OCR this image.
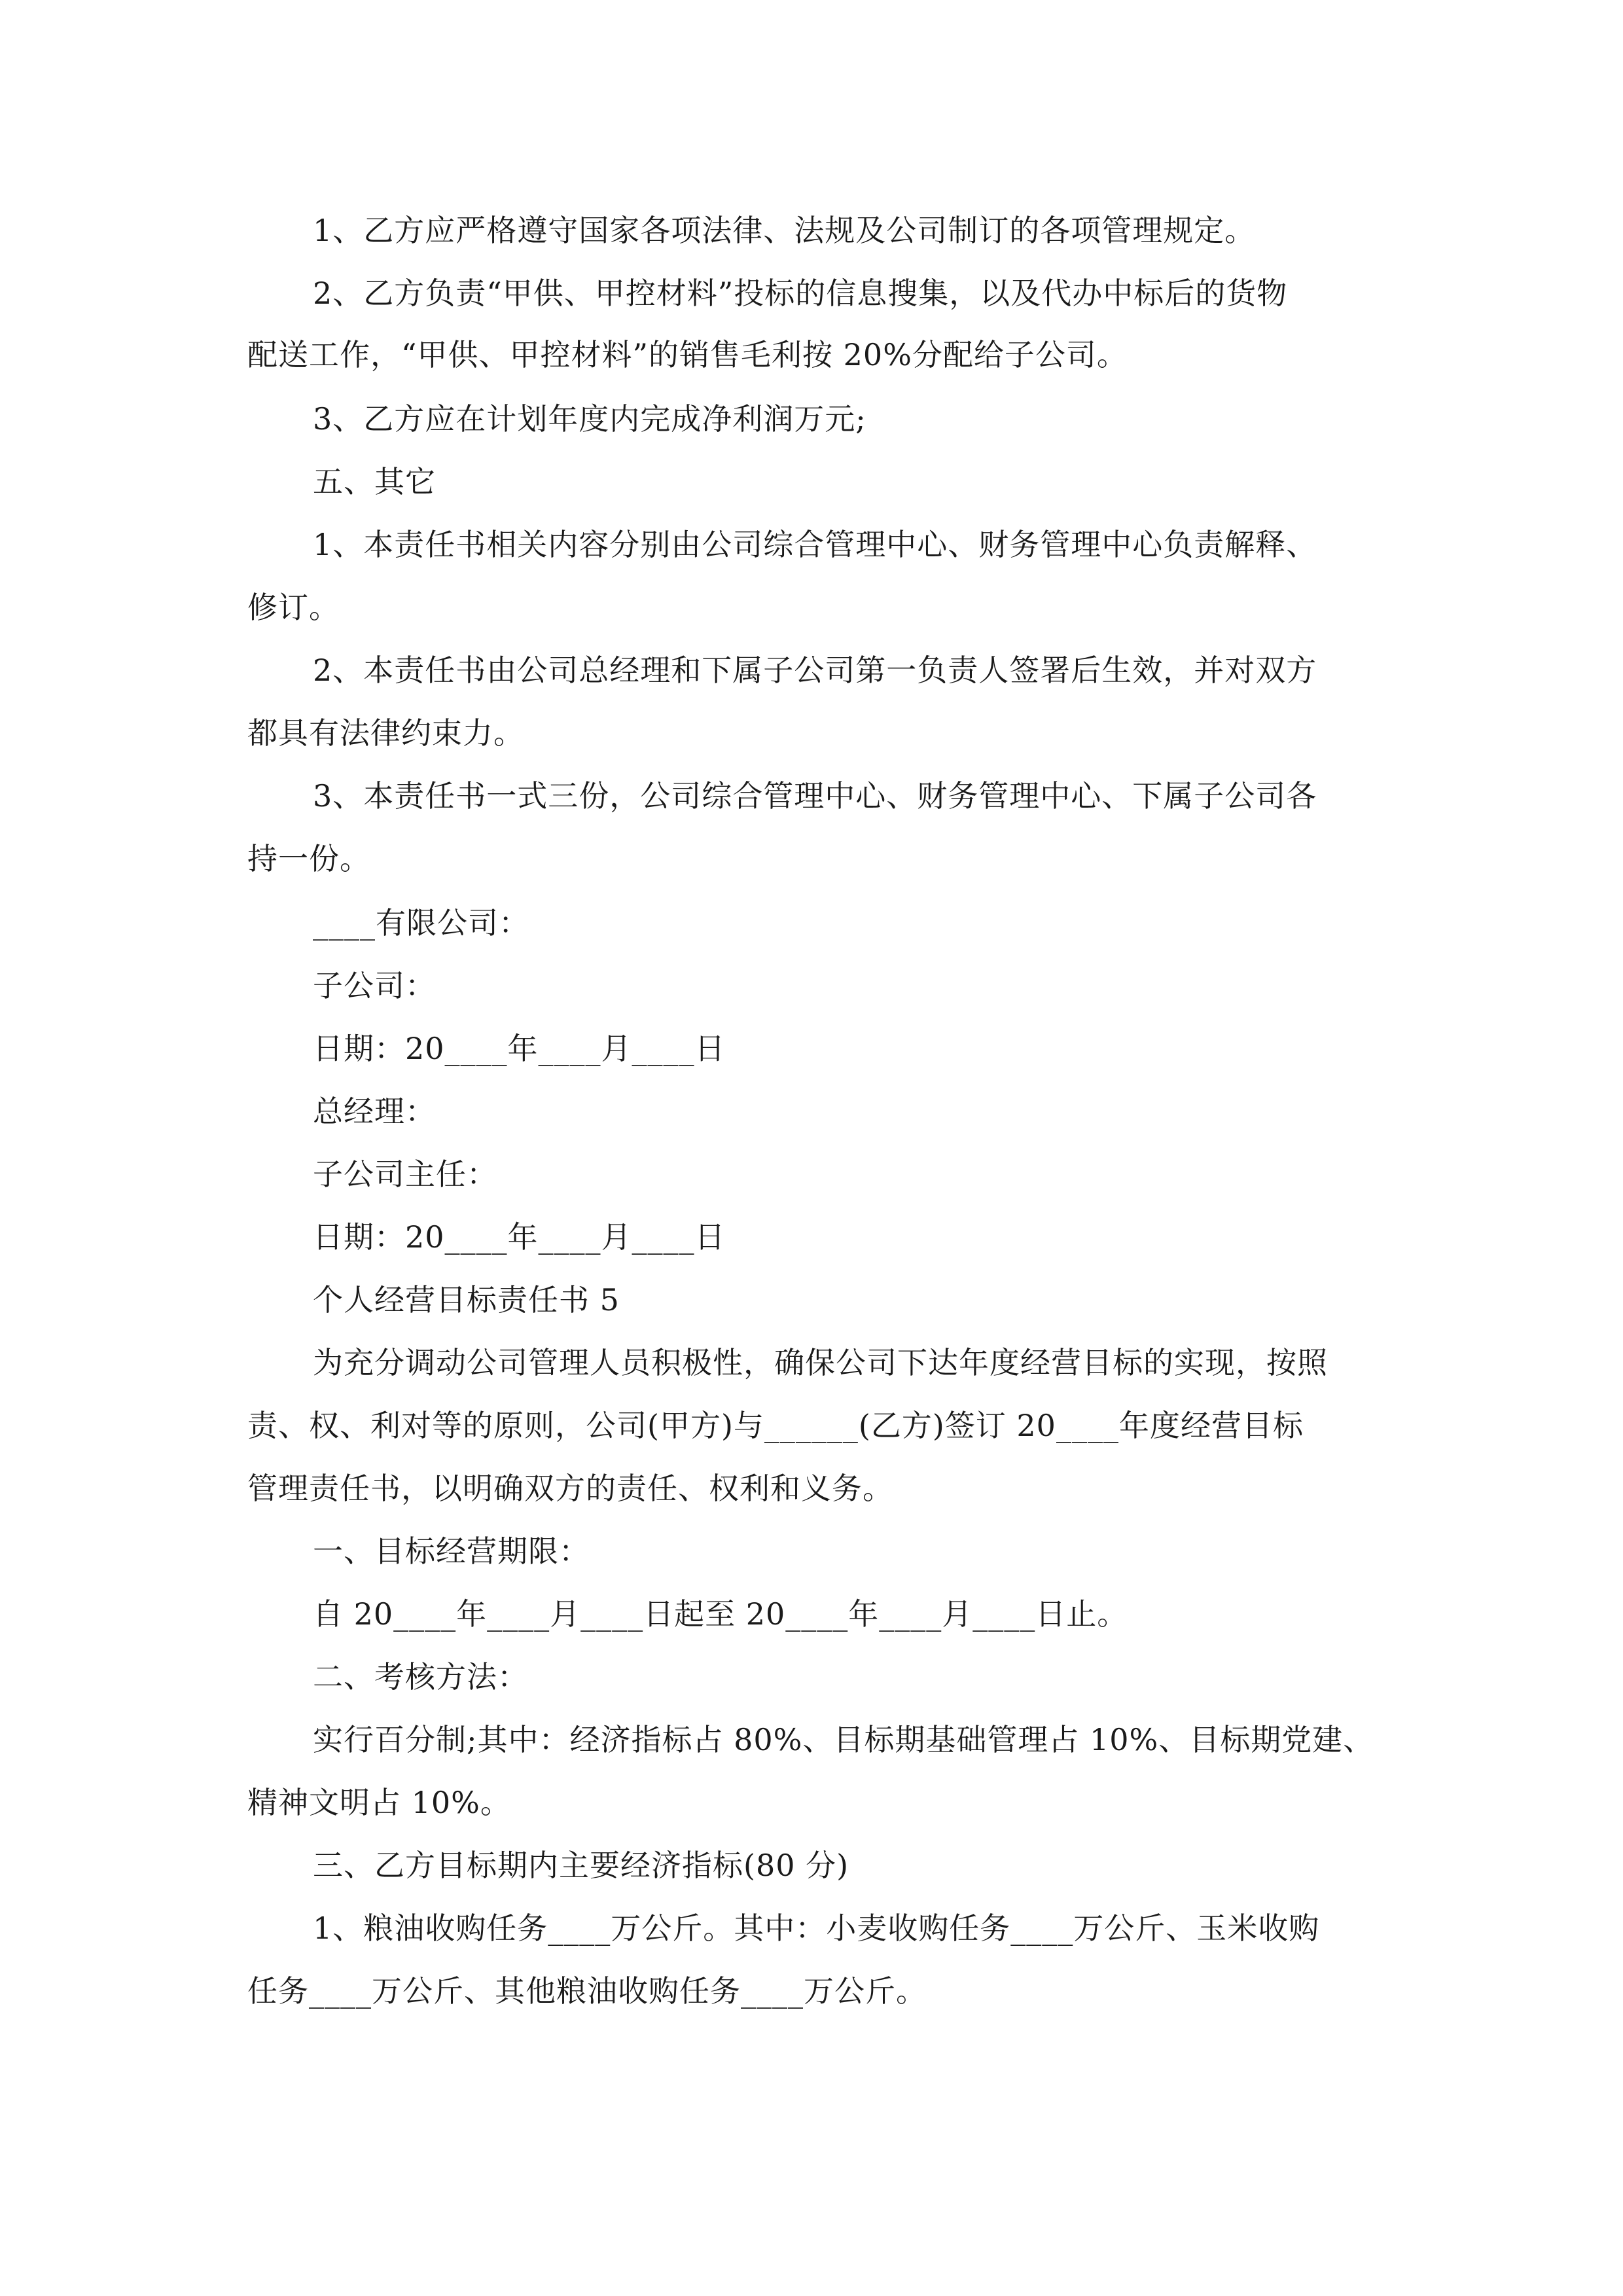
1、乙方应严格遵守国家各项法律、法规及公司制订的各项管理规定。
2、乙方负责“甲供、甲控材料”投标的信息搜集，以及代办中标后的货物
配送工作，“甲供、甲控材料”的销售毛利按 20%分配给子公司。
3、乙方应在计划年度内完成净利润万元;
五、其它
1、本责任书相关内容分别由公司综合管理中心、财务管理中心负责解释、
修订。
2、本责任书由公司总经理和下属子公司第一负责人签署后生效，并对双方
都具有法律约束力。
3、本责任书一式三份，公司综合管理中心、财务管理中心、下属子公司各
持一份。
____有限公司：
子公司：
日期：20____年____月____日
总经理：
子公司主任：
日期：20____年____月____日
个人经营目标责任书 5
为充分调动公司管理人员积极性，确保公司下达年度经营目标的实现，按照
责、权、利对等的原则，公司(甲方)与______(乙方)签订 20____年度经营目标
管理责任书，以明确双方的责任、权利和义务。
一、目标经营期限：
自 20____年____月____日起至 20____年____月____日止。
二、考核方法：
实行百分制;其中：经济指标占 80%、目标期基础管理占 10%、目标期党建、
精神文明占 10%。
三、乙方目标期内主要经济指标(80 分)
1、粮油收购任务____万公斤。其中：小麦收购任务____万公斤、玉米收购
任务____万公斤、其他粮油收购任务____万公斤。
